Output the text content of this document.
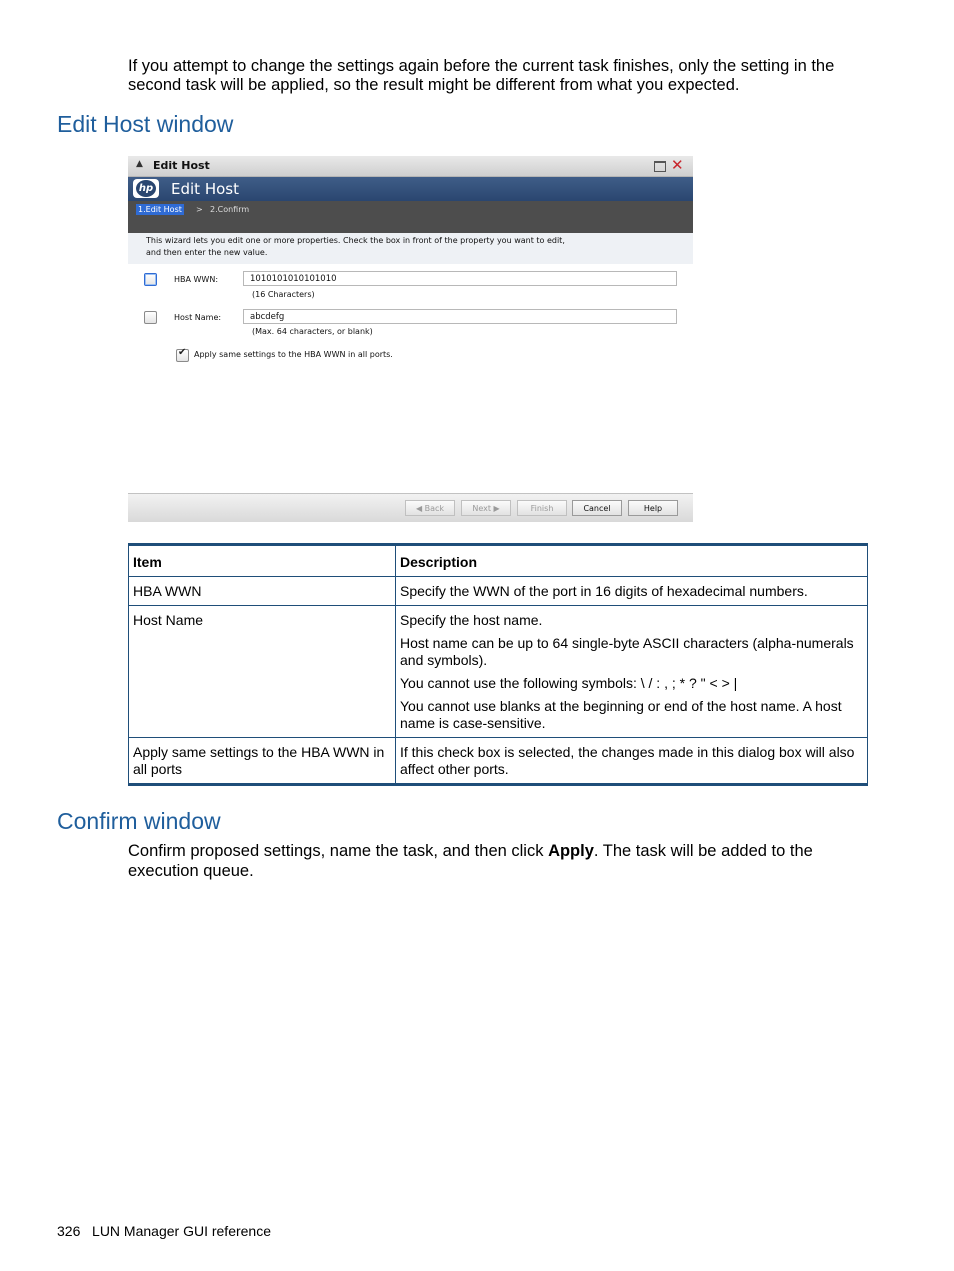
If you attempt to change the settings again before the current task finishes, only the setting in the
second task will be applied, so the result might be different from what you expected.
Edit Host window
▲ Edit Host	✕
hp Edit Host
1.Edit Host > 2.Confirm
This wizard lets you edit one or more properties. Check the box in front of the property you want to edit,
and then enter the new value.
HBA WWN:	1010101010101010
(16 Characters)
Host Name:	abcdefg
(Max. 64 characters, or blank)
✔
Apply same settings to the HBA WWN in all ports.
◀ Back	Next ▶	Finish	Cancel	Help
Item	Description
HBA WWN	Specify the WWN of the port in 16 digits of hexadecimal numbers.

Host Name	Specify the host name.

Host name can be up to 64 single-byte ASCII characters (alpha-numerals and symbols).

You cannot use the following symbols: \ / : , ; * ? " < > |

You cannot use blanks at the beginning or end of the host name. A host name is case-sensitive.

Apply same settings to the HBA WWN in all ports	If this check box is selected, the changes made in this dialog box will also affect other ports.

Confirm window
Confirm proposed settings, name the task, and then click Apply. The task will be added to the
execution queue.
326 LUN Manager GUI reference
